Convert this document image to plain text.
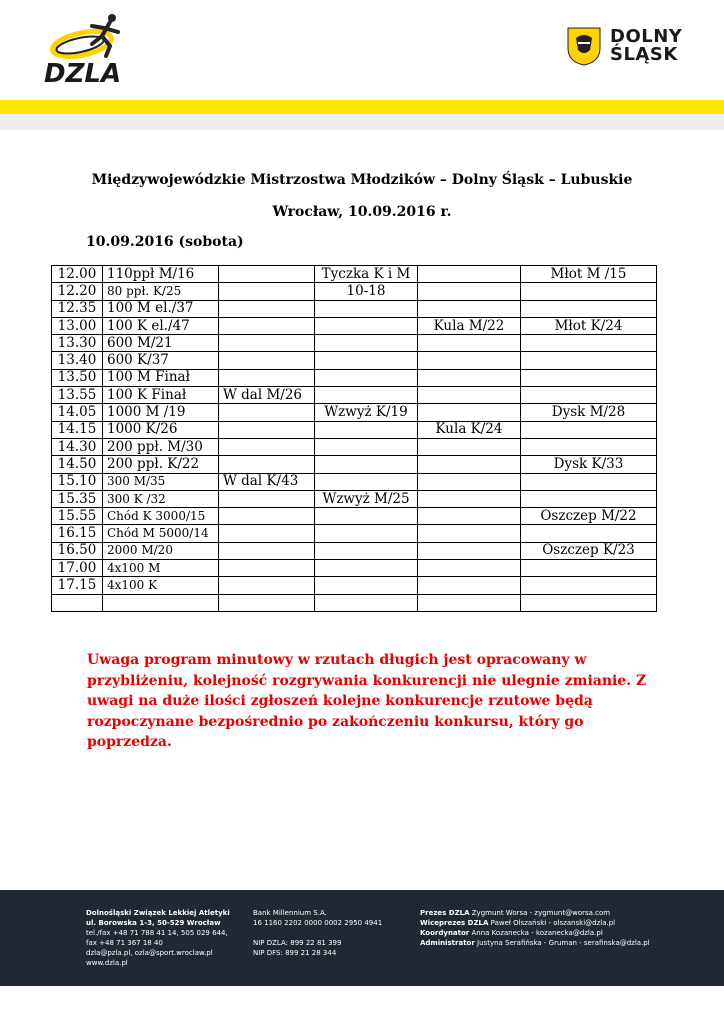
DZLA
DOLNY
ŚLĄSK
Międzywojewódzkie Mistrzostwa Młodzików – Dolny Śląsk – Lubuskie
Wrocław, 10.09.2016 r.
10.09.2016 (sobota)
12.00	110ppł M/16		Tyczka K i M		Młot M /15
12.20	80 ppł. K/25		10-18		
12.35	100 M el./37				
13.00	100 K el./47			Kula M/22	Młot K/24
13.30	600 M/21				
13.40	600 K/37				
13.50	100 M Finał				
13.55	100 K Finał	W dal M/26			
14.05	1000 M /19		Wzwyż K/19		Dysk M/28
14.15	1000 K/26			Kula K/24	
14.30	200 ppł. M/30				
14.50	200 ppł. K/22				Dysk K/33
15.10	300 M/35	W dal K/43			
15.35	300 K /32		Wzwyż M/25		
15.55	Chód K 3000/15				Oszczep M/22
16.15	Chód M 5000/14				
16.50	2000 M/20				Oszczep K/23
17.00	4x100 M				
17.15	4x100 K				

Uwaga program minutowy w rzutach długich jest opracowany w przybliżeniu, kolejność rozgrywania konkurencji nie ulegnie zmianie. Z uwagi na duże ilości zgłoszeń kolejne konkurencje rzutowe będą rozpoczynane bezpośrednio po zakończeniu konkursu, który go poprzedza.
Dolnośląski Związek Lekkiej Atletyki
ul. Borowska 1-3, 50-529 Wrocław
tel./fax +48 71 788 41 14, 505 029 644,
fax +48 71 367 18 40
dzla@pzla.pl, ozla@sport.wroclaw.pl
www.dzla.pl
Bank Millennium S.A.
16 1160 2202 0000 0002 2950 4941
NIP DZLA: 899 22 81 399
NIP DFS: 899 21 28 344
Prezes DZLA Zygmunt Worsa - zygmunt@worsa.com
Wiceprezes DZLA Paweł Olszański - olszanski@dzla.pl
Koordynator Anna Kozanecka - kozanecka@dzla.pl
Administrator Justyna Serafińska - Gruman - serafinska@dzla.pl
